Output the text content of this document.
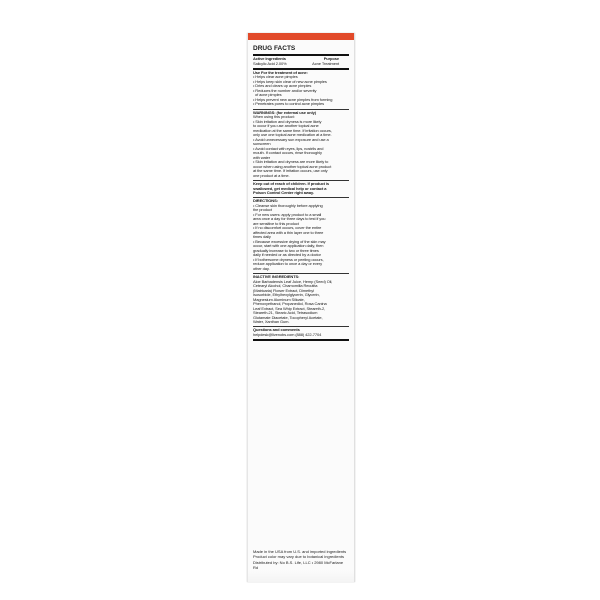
DRUG FACTS
Active Ingredients	Purpose
Salicylic Acid 2.00%	Acne Treatment
Use For the treatment of acne:
• Helps clear acne pimples
• Helps keep skin clear of new acne pimples
• Dries and clears up acne pimples
• Reduces the number and/or severity
of acne pimples
• Helps prevent new acne pimples from forming
• Penetrates pores to control acne pimples
WARNINGS: (for external use only)
When using this product:
• Skin irritation and dryness is more likely
to occur if you use another topical acne
medication at the same time. If irritation occurs,
only use one topical acne medication at a time.
• Avoid unnecessary sun exposure and use a
sunscreen
• Avoid contact with eyes, lips, nostrils and
mouth. If contact occurs, rinse thoroughly
with water
• Skin irritation and dryness are more likely to
occur when using another topical acne product
at the same time. If irritation occurs, use only
one product at a time.
Keep out of reach of children. If product is
swallowed, get medical help or contact a
Poison Control Center right away.
DIRECTIONS:
• Cleanse skin thoroughly before applying
the product
• For new users: apply product to a small
area once a day for three days to test if you
are sensitive to this product
• If no discomfort occurs, cover the entire
affected area with a thin layer one to three
times daily
• Because excessive drying of the skin may
occur, start with one application daily, then
gradually increase to two or three times
daily if needed or as directed by a doctor
• If bothersome dryness or peeling occurs,
reduce application to once a day or every
other day.
INACTIVE INGREDIENTS:
Aloe Barbadensis Leaf Juice, Hemp (Seed) Oil,
Cetearyl Alcohol, Chamomilla Recutita
(Matricaria) Flower Extract, Dimethyl
Isosorbide, Ethylhexylglycerin, Glycerin,
Magnesium Aluminum Silicate,
Phenoxyethanol, Propanediol, Rosa Canina
Leaf Extract, Sea Whip Extract, Steareth-2,
Steareth-21, Stearic Acid, Tetrasodium
Glutamate Diacetate, Tocopheryl Acetate,
Water, Xanthan Gum.
Questions and comments
helpdesk@livenobs.com (888) 422-7704

Made in the USA from U.S. and imported ingredients
Product color may vary due to botanical ingredients

Distributed by: No B.S. Life, LLC • 2980 McFarlane Rd
